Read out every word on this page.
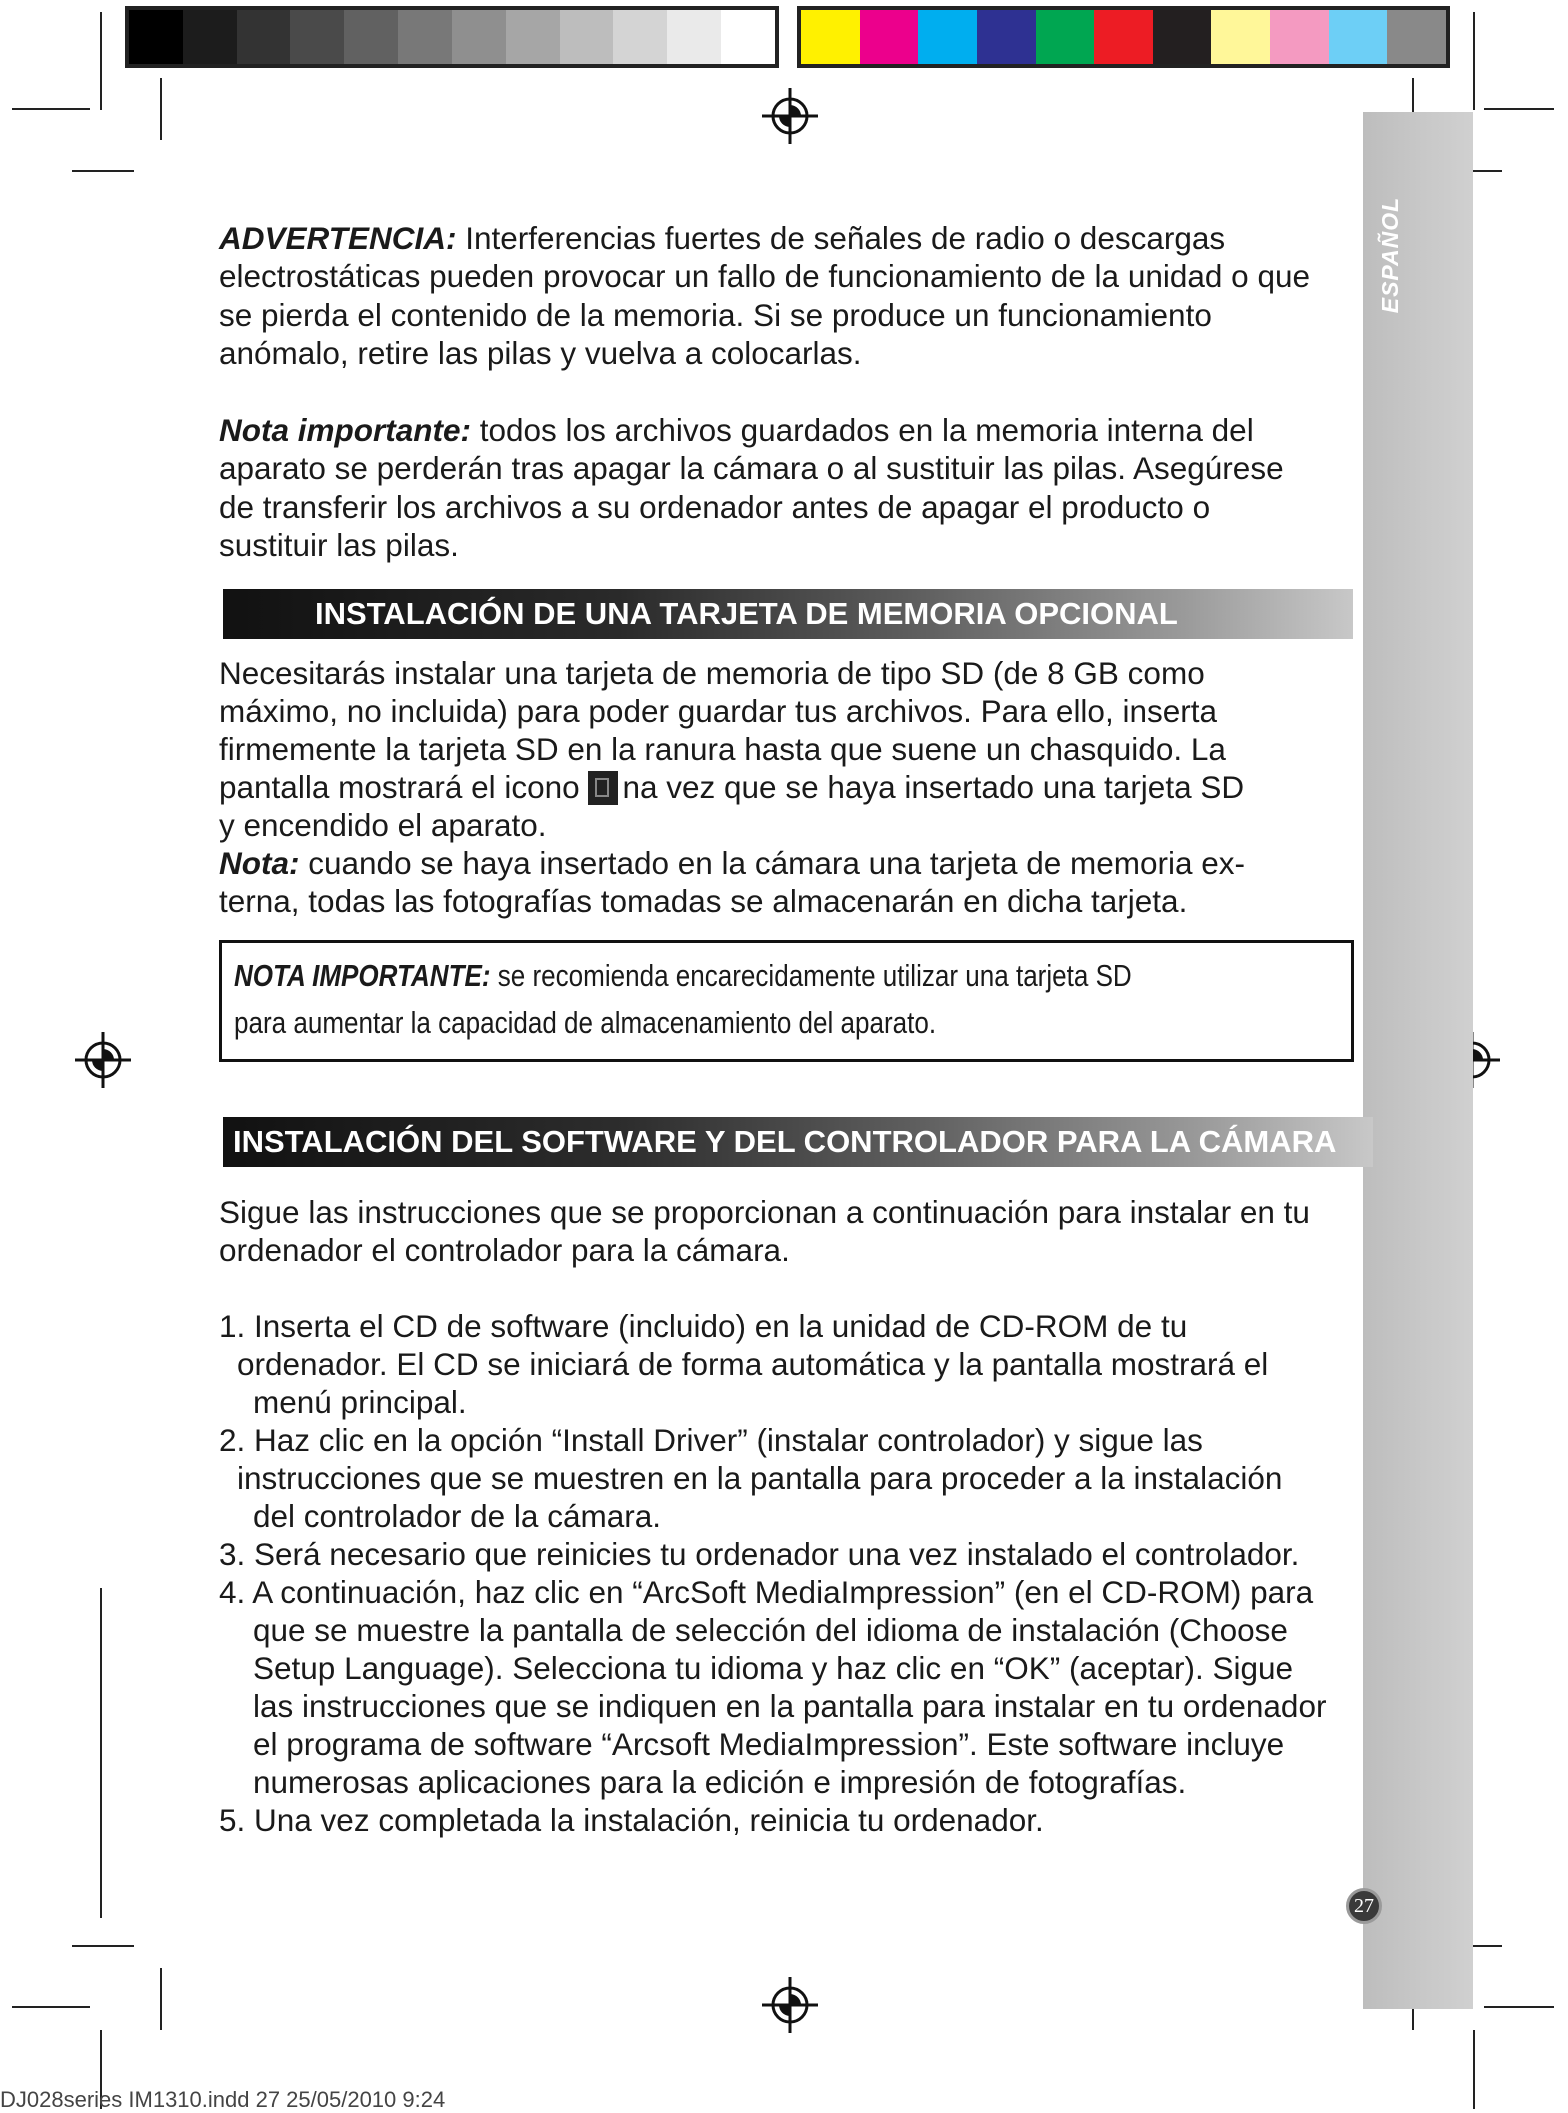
ESPAÑOL

ADVERTENCIA: Interferencias fuertes de señales de radio o descargas electrostáticas pueden provocar un fallo de funcionamiento de la unidad o que se pierda el contenido de la memoria. Si se produce un funcionamiento anómalo, retire las pilas y vuelva a colocarlas.

Nota importante: todos los archivos guardados en la memoria interna del aparato se perderán tras apagar la cámara o al sustituir las pilas. Asegúrese de transferir los archivos a su ordenador antes de apagar el producto o sustituir las pilas.

INSTALACIÓN DE UNA TARJETA DE MEMORIA OPCIONAL

Necesitarás instalar una tarjeta de memoria de tipo SD (de 8 GB como

máximo, no incluida) para poder guardar tus archivos. Para ello, inserta

firmemente la tarjeta SD en la ranura hasta que suene un chasquido. La

pantalla mostrará el icono na vez que se haya insertado una tarjeta SD

y encendido el aparato.

Nota: cuando se haya insertado en la cámara una tarjeta de memoria ex-

terna, todas las fotografías tomadas se almacenarán en dicha tarjeta.

NOTA IMPORTANTE: se recomienda encarecidamente utilizar una tarjeta SD

para aumentar la capacidad de almacenamiento del aparato.

INSTALACIÓN DEL SOFTWARE Y DEL CONTROLADOR PARA LA CÁMARA

Sigue las instrucciones que se proporcionan a continuación para instalar en tu

ordenador el controlador para la cámara.

1. Inserta el CD de software (incluido) en la unidad de CD-ROM de tu

ordenador. El CD se iniciará de forma automática y la pantalla mostrará el

menú principal.

2. Haz clic en la opción “Install Driver” (instalar controlador) y sigue las

instrucciones que se muestren en la pantalla para proceder a la instalación

del controlador de la cámara.

3. Será necesario que reinicies tu ordenador una vez instalado el controlador.

4. A continuación, haz clic en “ArcSoft MediaImpression” (en el CD-ROM) para

que se muestre la pantalla de selección del idioma de instalación (Choose

Setup Language). Selecciona tu idioma y haz clic en “OK” (aceptar). Sigue

las instrucciones que se indiquen en la pantalla para instalar en tu ordenador

el programa de software “Arcsoft MediaImpression”. Este software incluye

numerosas aplicaciones para la edición e impresión de fotografías.

5. Una vez completada la instalación, reinicia tu ordenador.

27
DJ028series IM1310.indd 27 25/05/2010 9:24
